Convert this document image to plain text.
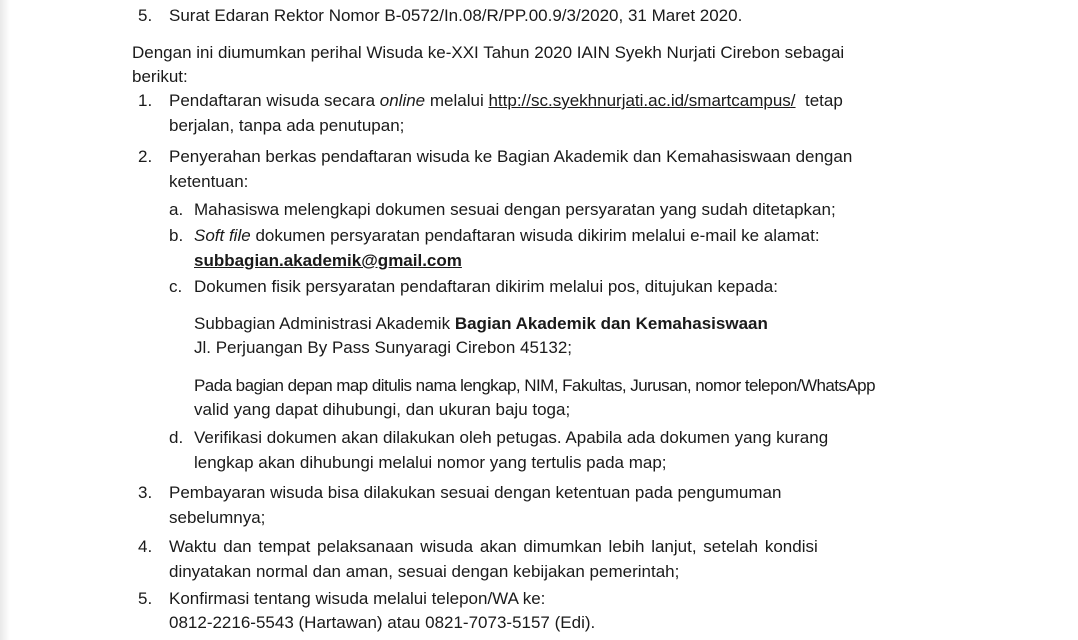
5. Surat Edaran Rektor Nomor B-0572/In.08/R/PP.00.9/3/2020, 31 Maret 2020.
Dengan ini diumumkan perihal Wisuda ke-XXI Tahun 2020 IAIN Syekh Nurjati Cirebon sebagai
berikut:
1. Pendaftaran wisuda secara online melalui http://sc.syekhnurjati.ac.id/smartcampus/ tetap
berjalan, tanpa ada penutupan;
2. Penyerahan berkas pendaftaran wisuda ke Bagian Akademik dan Kemahasiswaan dengan
ketentuan:
a. Mahasiswa melengkapi dokumen sesuai dengan persyaratan yang sudah ditetapkan;
b. Soft file dokumen persyaratan pendaftaran wisuda dikirim melalui e-mail ke alamat:
subbagian.akademik@gmail.com
c. Dokumen fisik persyaratan pendaftaran dikirim melalui pos, ditujukan kepada:
Subbagian Administrasi Akademik Bagian Akademik dan Kemahasiswaan
Jl. Perjuangan By Pass Sunyaragi Cirebon 45132;
Pada bagian depan map ditulis nama lengkap, NIM, Fakultas, Jurusan, nomor telepon/WhatsApp
valid yang dapat dihubungi, dan ukuran baju toga;
d. Verifikasi dokumen akan dilakukan oleh petugas. Apabila ada dokumen yang kurang
lengkap akan dihubungi melalui nomor yang tertulis pada map;
3. Pembayaran wisuda bisa dilakukan sesuai dengan ketentuan pada pengumuman
sebelumnya;
4. Waktu dan tempat pelaksanaan wisuda akan dimumkan lebih lanjut, setelah kondisi
dinyatakan normal dan aman, sesuai dengan kebijakan pemerintah;
5. Konfirmasi tentang wisuda melalui telepon/WA ke:
0812-2216-5543 (Hartawan) atau 0821-7073-5157 (Edi).
